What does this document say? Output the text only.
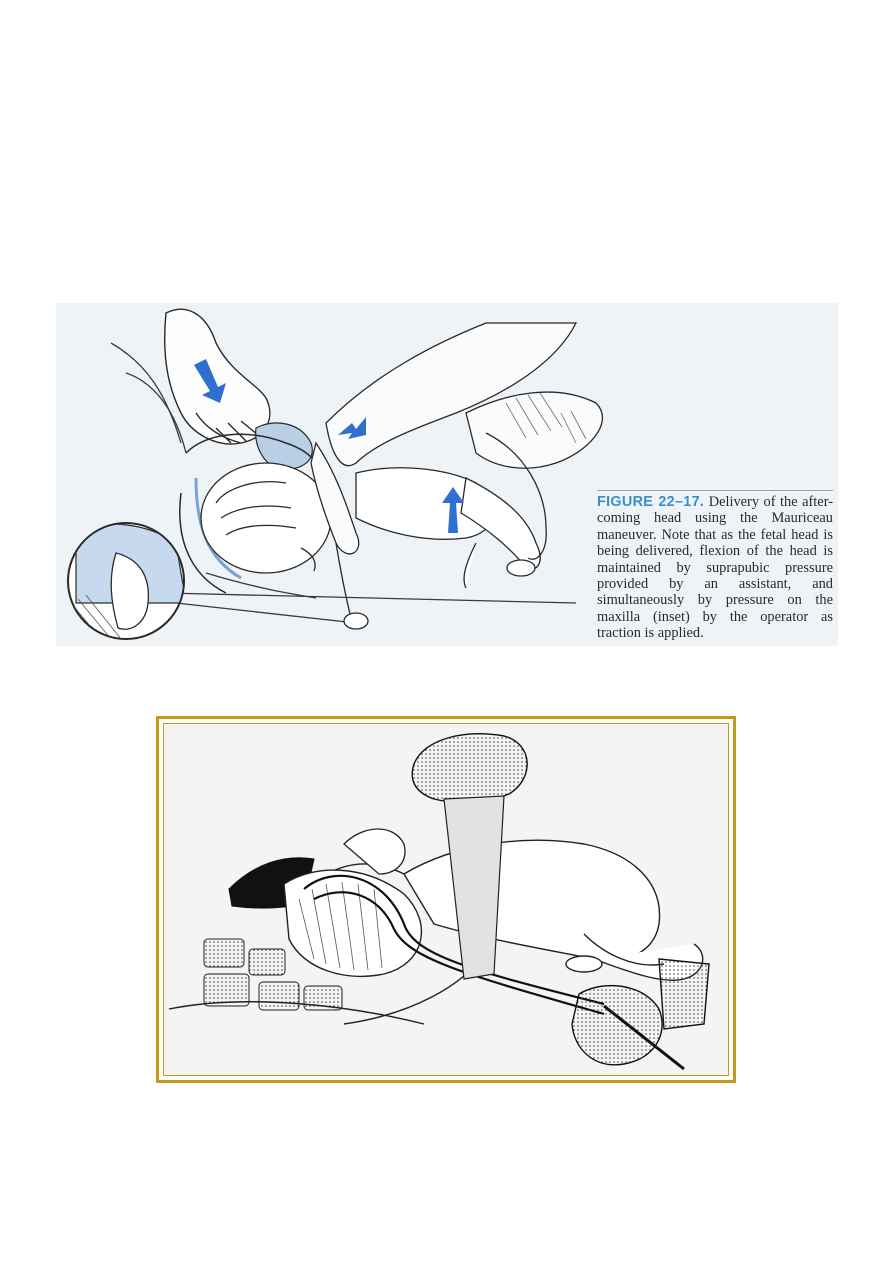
FIGURE 22–17. Delivery of the after-coming head using the Mauriceau maneuver. Note that as the fetal head is being delivered, flexion of the head is maintained by suprapubic pressure provided by an assistant, and simultaneously by pressure on the maxilla (inset) by the operator as traction is applied.
